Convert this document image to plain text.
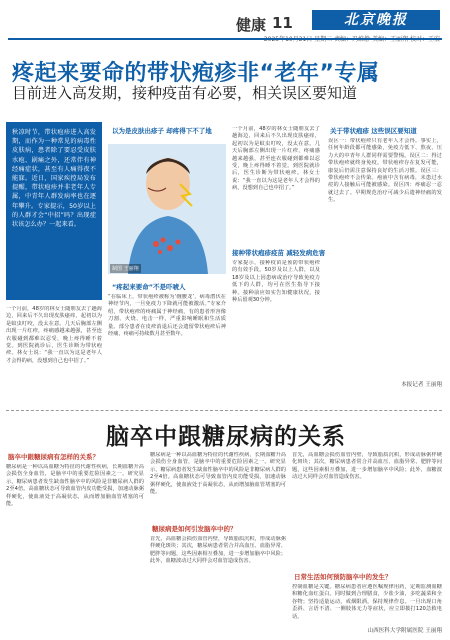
健康 11	北京晚报
疼起来要命的带状疱疹非“老年”专属
目前进入高发期，接种疫苗有必要，相关误区要知道
秋凉时节，带状疱疹进入高发期，而作为一种常见的病毒性皮肤病，患者除了要忍受皮肤水疱、剧痛之外，还常伴有神经痛症状，甚至有人痛得夜不能寐。近日，国家疾控局发布提醒，带状疱疹并非老年人专属，中青年人群发病率也在逐年攀升。专家提示，50岁以上的人群才会“中招”吗？出现症状该怎么办？一起来看。
以为是皮肤出疹子 却疼得下不了地
制图 王丽翔
一个月前，48岁的林女士随朋友去了趟海边，回来后不久出现皮肤瘙痒，起初以为是蚊虫叮咬，没太在意。几天后胸部左侧出现一片红疹，疼痛感越来越强，甚至连衣服碰到都难以忍受，晚上疼得睡不着觉。到医院就诊后，医生诊断为带状疱疹。林女士说：“我一直以为这是老年人才会得的病，没想到自己也中招了。”
“疼起来要命”不是吓唬人
“在临床上，带状疱疹被称为‘缠腰龙’，病毒潜伏在神经节内，一旦免疫力下降就可能被激活。”专家介绍，带状疱疹的疼痛属于神经痛，有的患者形容像刀割、火烧、电击一样，严重影响睡眠和生活质量。部分患者在皮疹消退后还会遗留带状疱疹后神经痛，疼痛可持续数月甚至数年。
一个月前，48岁的林女士随朋友去了趟海边，回来后不久出现皮肤瘙痒，起初以为是蚊虫叮咬，没太在意。几天后胸部左侧出现一片红疹，疼痛感越来越强，甚至连衣服碰到都难以忍受，晚上疼得睡不着觉。到医院就诊后，医生诊断为带状疱疹。林女士说：“我一直以为这是老年人才会得的病，没想到自己也中招了。”
接种带状疱疹疫苗 减轻发病危害
专家提示，接种疫苗是预防带状疱疹的有效手段。50岁及以上人群，以及18岁及以上因患病或治疗导致免疫力低下的人群，均可在医生指导下接种。接种前应如实告知健康状况，接种后留观30分钟。
关于带状疱疹 这些误区要知道
误区一：带状疱疹只有老年人才会得。事实上，任何年龄段都可能感染，免疫力低下、熬夜、压力大的中青年人群同样需要警惕。误区二：得过带状疱疹就终身免疫。带状疱疹存在复发可能，康复后仍需注意保持良好的生活习惯。误区三：带状疱疹不会传染。疱液中含有病毒，未患过水痘的人接触后可能被感染。误区四：疼痛忍一忍就过去了。早期规范治疗可减少后遗神经痛的发生。
本报记者 王丽翔
脑卒中跟糖尿病的关系
脑卒中跟糖尿病有怎样的关系？
糖尿病是一种以高血糖为特征的代谢性疾病，长期血糖升高会损伤全身血管，是脑卒中的重要危险因素之一。研究显示，糖尿病患者发生缺血性脑卒中的风险是非糖尿病人群的2至4倍。高血糖状态可导致血管内皮功能受损，加速动脉粥样硬化，使血液处于高凝状态，从而增加脑血管堵塞的可能。
糖尿病是如何引发脑卒中的？
糖尿病是一种以高血糖为特征的代谢性疾病，长期血糖升高会损伤全身血管，是脑卒中的重要危险因素之一。研究显示，糖尿病患者发生缺血性脑卒中的风险是非糖尿病人群的2至4倍。高血糖状态可导致血管内皮功能受损，加速动脉粥样硬化，使血液处于高凝状态，从而增加脑血管堵塞的可能。
首先，高血糖会损伤血管内壁，导致脂质沉积，形成动脉粥样硬化斑块；其次，糖尿病患者常合并高血压、血脂异常、肥胖等问题，这些因素相互叠加，进一步增加脑卒中风险；此外，血糖波动过大同样会对血管造成伤害。
日常生活如何预防脑卒中的发生？
首先，高血糖会损伤血管内壁，导致脂质沉积，形成动脉粥样硬化斑块；其次，糖尿病患者常合并高血压、血脂异常、肥胖等问题，这些因素相互叠加，进一步增加脑卒中风险；此外，血糖波动过大同样会对血管造成伤害。
控制血糖是关键。糖尿病患者应遵医嘱规律用药，定期监测血糖和糖化血红蛋白。同时做到合理膳食，少盐少油，多吃蔬菜和全谷物；坚持适量运动，戒烟限酒，保持规律作息。一旦出现口角歪斜、言语不清、一侧肢体无力等症状，应立即拨打120急救电话。
山西医科大学附属医院 王丽翔
